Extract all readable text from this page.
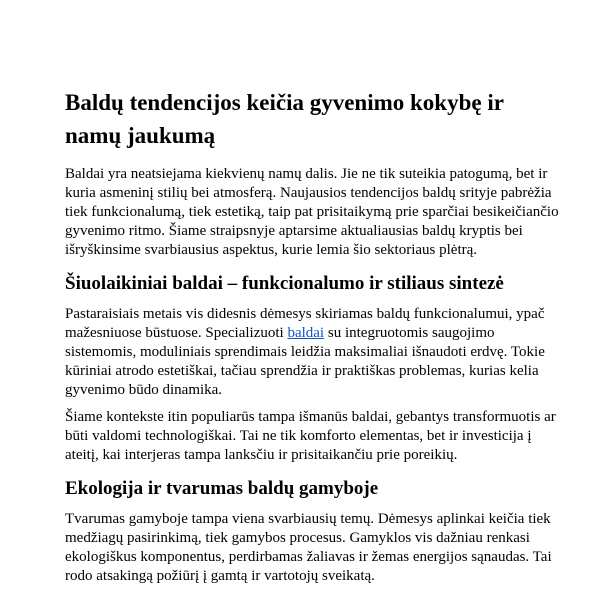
Baldų tendencijos keičia gyvenimo kokybę ir namų jaukumą

Baldai yra neatsiejama kiekvienų namų dalis. Jie ne tik suteikia patogumą, bet ir kuria asmeninį stilių bei atmosferą. Naujausios tendencijos baldų srityje pabrėžia tiek funkcionalumą, tiek estetiką, taip pat prisitaikymą prie sparčiai besikeičiančio gyvenimo ritmo. Šiame straipsnyje aptarsime aktualiausias baldų kryptis bei išryškinsime svarbiausius aspektus, kurie lemia šio sektoriaus plėtrą.

Šiuolaikiniai baldai – funkcionalumo ir stiliaus sintezė

Pastaraisiais metais vis didesnis dėmesys skiriamas baldų funkcionalumui, ypač mažesniuose būstuose. Specializuoti baldai su integruotomis saugojimo sistemomis, moduliniais sprendimais leidžia maksimaliai išnaudoti erdvę. Tokie kūriniai atrodo estetiškai, tačiau sprendžia ir praktiškas problemas, kurias kelia gyvenimo būdo dinamika.

Šiame kontekste itin populiarūs tampa išmanūs baldai, gebantys transformuotis ar būti valdomi technologiškai. Tai ne tik komforto elementas, bet ir investicija į ateitį, kai interjeras tampa lanksčiu ir prisitaikančiu prie poreikių.

Ekologija ir tvarumas baldų gamyboje

Tvarumas gamyboje tampa viena svarbiausių temų. Dėmesys aplinkai keičia tiek medžiagų pasirinkimą, tiek gamybos procesus. Gamyklos vis dažniau renkasi ekologiškus komponentus, perdirbamas žaliavas ir žemas energijos sąnaudas. Tai rodo atsakingą požiūrį į gamtą ir vartotojų sveikatą.
